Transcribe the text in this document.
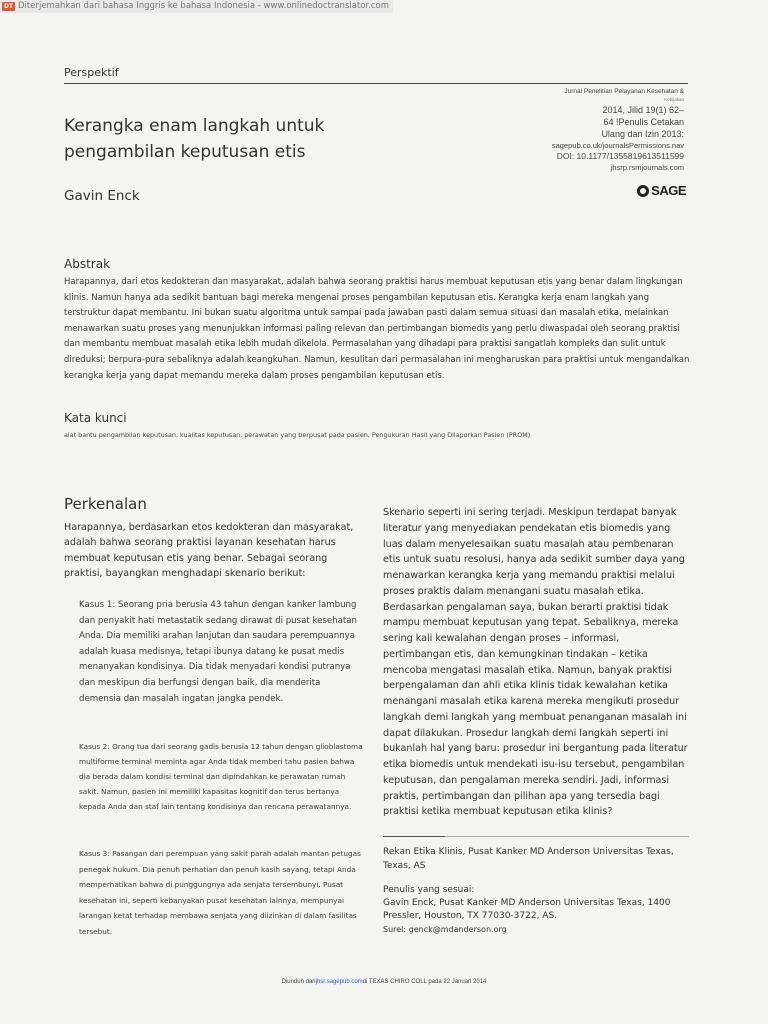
DT Diterjemahkan dari bahasa Inggris ke bahasa Indonesia - www.onlinedoctranslator.com
Perspektif
Jurnal Penelitian Pelayanan Kesehatan &
Kebijakan
2014, Jilid 19(1) 62–
64 !Penulis Cetakan
Ulang dan Izin 2013:
sagepub.co.uk/journalsPermissions.nav
DOI: 10.1177/1355819613511599
jhsrp.rsmjournals.com
SAGE
Kerangka enam langkah untuk
pengambilan keputusan etis
Gavin Enck
Abstrak
Harapannya, dari etos kedokteran dan masyarakat, adalah bahwa seorang praktisi harus membuat keputusan etis yang benar dalam lingkungan klinis. Namun hanya ada sedikit bantuan bagi mereka mengenai proses pengambilan keputusan etis. Kerangka kerja enam langkah yang terstruktur dapat membantu. Ini bukan suatu algoritma untuk sampai pada jawaban pasti dalam semua situasi dan masalah etika, melainkan menawarkan suatu proses yang menunjukkan informasi paling relevan dan pertimbangan biomedis yang perlu diwaspadai oleh seorang praktisi dan membantu membuat masalah etika lebih mudah dikelola. Permasalahan yang dihadapi para praktisi sangatlah kompleks dan sulit untuk direduksi; berpura-pura sebaliknya adalah keangkuhan. Namun, kesulitan dari permasalahan ini mengharuskan para praktisi untuk mengandalkan kerangka kerja yang dapat memandu mereka dalam proses pengambilan keputusan etis.
Kata kunci
alat bantu pengambilan keputusan, kualitas keputusan, perawatan yang berpusat pada pasien, Pengukuran Hasil yang Dilaporkan Pasien (PROM)
Perkenalan

Harapannya, berdasarkan etos kedokteran dan masyarakat, adalah bahwa seorang praktisi layanan kesehatan harus membuat keputusan etis yang benar. Sebagai seorang praktisi, bayangkan menghadapi skenario berikut:

Kasus 1: Seorang pria berusia 43 tahun dengan kanker lambung dan penyakit hati metastatik sedang dirawat di pusat kesehatan Anda. Dia memiliki arahan lanjutan dan saudara perempuannya adalah kuasa medisnya, tetapi ibunya datang ke pusat medis menanyakan kondisinya. Dia tidak menyadari kondisi putranya dan meskipun dia berfungsi dengan baik, dia menderita demensia dan masalah ingatan jangka pendek.
Kasus 2: Orang tua dari seorang gadis berusia 12 tahun dengan glioblastoma multiforme terminal meminta agar Anda tidak memberi tahu pasien bahwa dia berada dalam kondisi terminal dan dipindahkan ke perawatan rumah sakit. Namun, pasien ini memiliki kapasitas kognitif dan terus bertanya kepada Anda dan staf lain tentang kondisinya dan rencana perawatannya.
Kasus 3: Pasangan dari perempuan yang sakit parah adalah mantan petugas penegak hukum. Dia penuh perhatian dan penuh kasih sayang, tetapi Anda memperhatikan bahwa di punggungnya ada senjata tersembunyi. Pusat kesehatan ini, seperti kebanyakan pusat kesehatan lainnya, mempunyai larangan ketat terhadap membawa senjata yang diizinkan di dalam fasilitas tersebut.
Skenario seperti ini sering terjadi. Meskipun terdapat banyak literatur yang menyediakan pendekatan etis biomedis yang luas dalam menyelesaikan suatu masalah atau pembenaran etis untuk suatu resolusi, hanya ada sedikit sumber daya yang menawarkan kerangka kerja yang memandu praktisi melalui proses praktis dalam menangani suatu masalah etika. Berdasarkan pengalaman saya, bukan berarti praktisi tidak mampu membuat keputusan yang tepat. Sebaliknya, mereka sering kali kewalahan dengan proses – informasi, pertimbangan etis, dan kemungkinan tindakan – ketika mencoba mengatasi masalah etika. Namun, banyak praktisi berpengalaman dan ahli etika klinis tidak kewalahan ketika menangani masalah etika karena mereka mengikuti prosedur langkah demi langkah yang membuat penanganan masalah ini dapat dilakukan. Prosedur langkah demi langkah seperti ini bukanlah hal yang baru: prosedur ini bergantung pada literatur etika biomedis untuk mendekati isu-isu tersebut, pengambilan keputusan, dan pengalaman mereka sendiri. Jadi, informasi praktis, pertimbangan dan pilihan apa yang tersedia bagi praktisi ketika membuat keputusan etika klinis?
Rekan Etika Klinis, Pusat Kanker MD Anderson Universitas Texas, Texas, AS
Penulis yang sesuai:
Gavin Enck, Pusat Kanker MD Anderson Universitas Texas, 1400 Pressler, Houston, TX 77030-3722, AS.
Surel: genck@mdanderson.org
Diunduh darijhsr.sagepub.comdi TEXAS CHIRO COLL pada 22 Januari 2014
